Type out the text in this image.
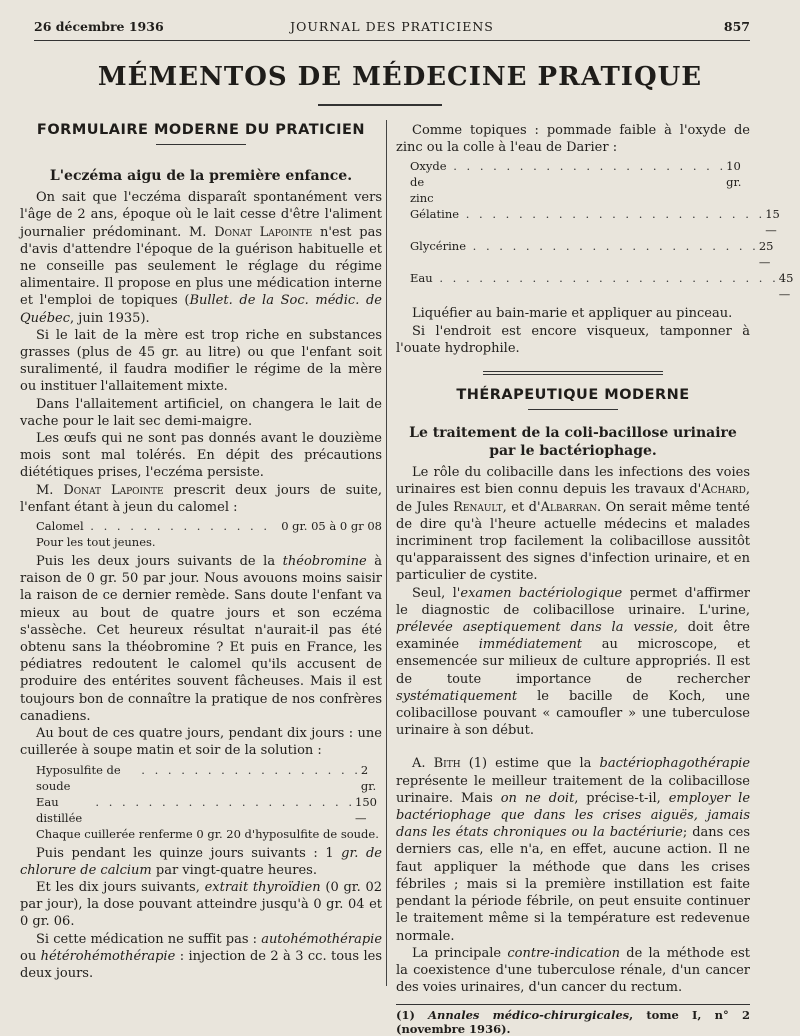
26 décembre 1936	JOURNAL DES PRATICIENS	857
MÉMENTOS DE MÉDECINE PRATIQUE
FORMULAIRE MODERNE DU PRATICIEN
L'eczéma aigu de la première enfance.

On sait que l'eczéma disparaît spontanément vers l'âge de 2 ans, époque où le lait cesse d'être l'aliment journalier prédominant. M. Donat Lapointe n'est pas d'avis d'attendre l'époque de la guérison habituelle et ne conseille pas seulement le réglage du régime alimentaire. Il propose en plus une médication interne et l'emploi de topiques (Bullet. de la Soc. médic. de Québec, juin 1935).

Si le lait de la mère est trop riche en substances grasses (plus de 45 gr. au litre) ou que l'enfant soit suralimenté, il faudra modifier le régime de la mère ou instituer l'allaitement mixte.

Dans l'allaitement artificiel, on changera le lait de vache pour le lait sec demi-maigre.

Les œufs qui ne sont pas donnés avant le douzième mois sont mal tolérés. En dépit des précautions diététiques prises, l'eczéma persiste.

M. Donat Lapointe prescrit deux jours de suite, l'enfant étant à jeun du calomel :

Calomel . . . . . . . . . . . . . . 0 gr. 05 à 0 gr 08
Pour les tout jeunes.

Puis les deux jours suivants de la théobromine à raison de 0 gr. 50 par jour. Nous avouons moins saisir la raison de ce dernier remède. Sans doute l'enfant va mieux au bout de quatre jours et son eczéma s'assèche. Cet heureux résultat n'aurait-il pas été obtenu sans la théobromine ? Et puis en France, les pédiatres redoutent le calomel qu'ils accusent de produire des entérites souvent fâcheuses. Mais il est toujours bon de connaître la pratique de nos confrères canadiens.

Au bout de ces quatre jours, pendant dix jours : une cuillerée à soupe matin et soir de la solution :

Hyposulfite de soude
. . . . . . . . . . . . . . . . . 2 gr.
Eau distillée
. . . . . . . . . . . . . . . . . . . . 150 —
Chaque cuillerée renferme 0 gr. 20 d'hyposulfite de soude.

Puis pendant les quinze jours suivants : 1 gr. de chlorure de calcium par vingt-quatre heures.

Et les dix jours suivants, extrait thyroïdien (0 gr. 02 par jour), la dose pouvant atteindre jusqu'à 0 gr. 04 et 0 gr. 06.

Si cette médication ne suffit pas : autohémothérapie ou hétérohémothérapie : injection de 2 à 3 cc. tous les deux jours.

Comme topiques : pommade faible à l'oxyde de zinc ou la colle à l'eau de Darier :

Oxyde de zinc
. . . . . . . . . . . . . . . . . . . . . 10 gr.
Gélatine . . . . . . . . . . . . . . . . . . . . . . . 15 —
Glycérine . . . . . . . . . . . . . . . . . . . . . . 25 —
Eau . . . . . . . . . . . . . . . . . . . . . . . . . . 45 —

Liquéfier au bain-marie et appliquer au pinceau.

Si l'endroit est encore visqueux, tamponner à l'ouate hydrophile.

THÉRAPEUTIQUE MODERNE
Le traitement de la coli-bacillose urinaire par le bactériophage.

Le rôle du colibacille dans les infections des voies urinaires est bien connu depuis les travaux d'Achard, de Jules Renault, et d'Albarran. On serait même tenté de dire qu'à l'heure actuelle médecins et malades incriminent trop facilement la colibacillose aussitôt qu'apparaissent des signes d'infection urinaire, et en particulier de cystite.

Seul, l'examen bactériologique permet d'affirmer le diagnostic de colibacillose urinaire. L'urine, prélevée aseptiquement dans la vessie, doit être examinée immédiatement au microscope, et ensemencée sur milieux de culture appropriés. Il est de toute importance de rechercher systématiquement le bacille de Koch, une colibacillose pouvant « camoufler » une tuberculose urinaire à son début.

A. Bith (1) estime que la bactériophagothérapie représente le meilleur traitement de la colibacillose urinaire. Mais on ne doit, précise-t-il, employer le bactériophage que dans les crises aiguës, jamais dans les états chroniques ou la bactériurie; dans ces derniers cas, elle n'a, en effet, aucune action. Il ne faut appliquer la méthode que dans les crises fébriles ; mais si la première instillation est faite pendant la période fébrile, on peut ensuite continuer le traitement même si la température est redevenue normale.

La principale contre-indication de la méthode est la coexistence d'une tuberculose rénale, d'un cancer des voies urinaires, d'un cancer du rectum.

(1) Annales médico-chirurgicales, tome I, n° 2 (novembre 1936).
